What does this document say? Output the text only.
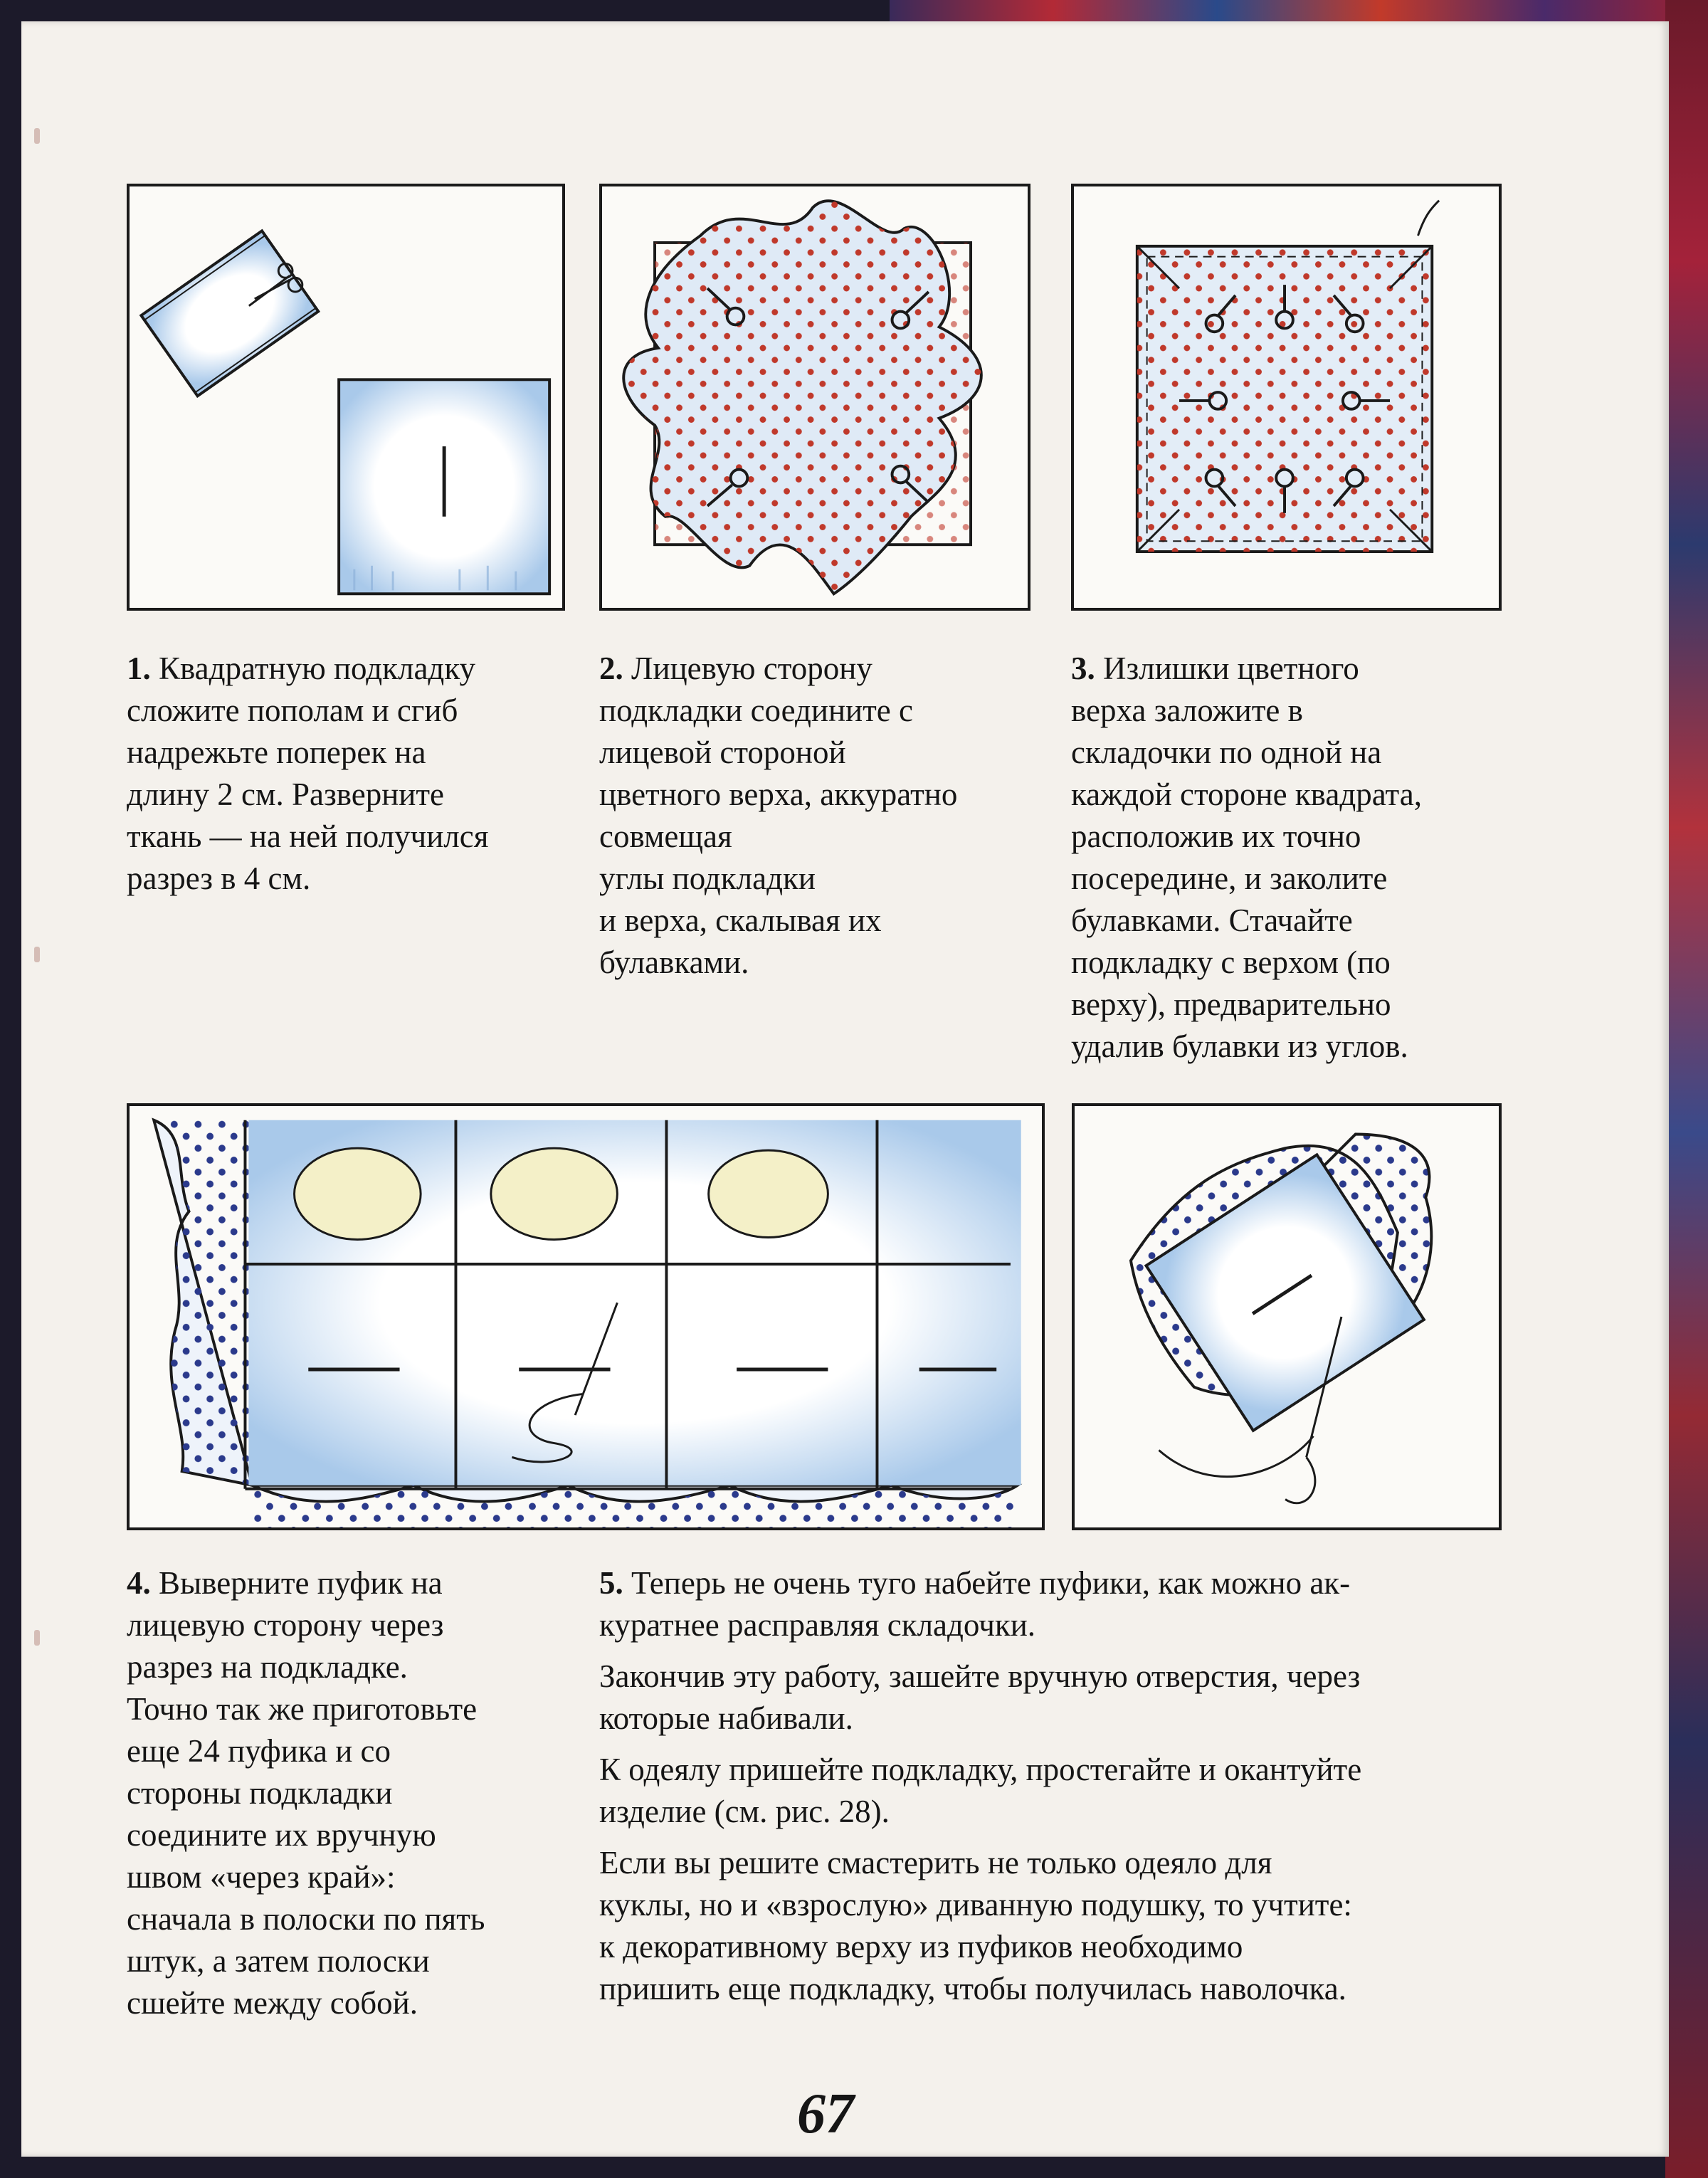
1. Квадратную подкладку
сложите пополам и сгиб
надрежьте поперек на
длину 2 см. Разверните
ткань — на ней получился
разрез в 4 см.
2. Лицевую сторону
подкладки соедините с
лицевой стороной
цветного верха, аккуратно
совмещая
углы подкладки
и верха, скалывая их
булавками.
3. Излишки цветного
верха заложите в
складочки по одной на
каждой стороне квадрата,
расположив их точно
посередине, и заколите
булавками. Стачайте
подкладку с верхом (по
верху), предварительно
удалив булавки из углов.
4. Выверните пуфик на
лицевую сторону через
разрез на подкладке.
Точно так же приготовьте
еще 24 пуфика и со
стороны подкладки
соедините их вручную
швом «через край»:
сначала в полоски по пять
штук, а затем полоски
сшейте между собой.

5. Теперь не очень туго набейте пуфики, как можно ак-
куратнее расправляя складочки.

Закончив эту работу, зашейте вручную отверстия, через
которые набивали.

К одеялу пришейте подкладку, простегайте и окантуйте
изделие (см. рис. 28).

Если вы решите смастерить не только одеяло для
куклы, но и «взрослую» диванную подушку, то учтите:
к декоративному верху из пуфиков необходимо
пришить еще подкладку, чтобы получилась наволочка.

67
